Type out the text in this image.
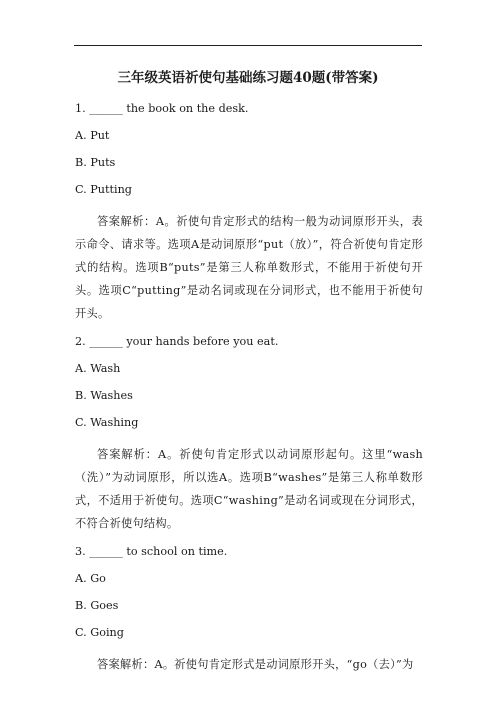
三年级英语祈使句基础练习题40题(带答案)
1. ______ the book on the desk.
A. Put
B. Puts
C. Putting
答案解析：A。祈使句肯定形式的结构一般为动词原形开头，表示命令、请求等。选项A是动词原形“put（放）”，符合祈使句肯定形式的结构。选项B“puts”是第三人称单数形式，不能用于祈使句开头。选项C“putting”是动名词或现在分词形式，也不能用于祈使句开头。
2. ______ your hands before you eat.
A. Wash
B. Washes
C. Washing
答案解析：A。祈使句肯定形式以动词原形起句。这里“wash（洗）”为动词原形，所以选A。选项B“washes”是第三人称单数形式，不适用于祈使句。选项C“washing”是动名词或现在分词形式，不符合祈使句结构。
3. ______ to school on time.
A. Go
B. Goes
C. Going
答案解析：A。祈使句肯定形式是动词原形开头，“go（去）”为
